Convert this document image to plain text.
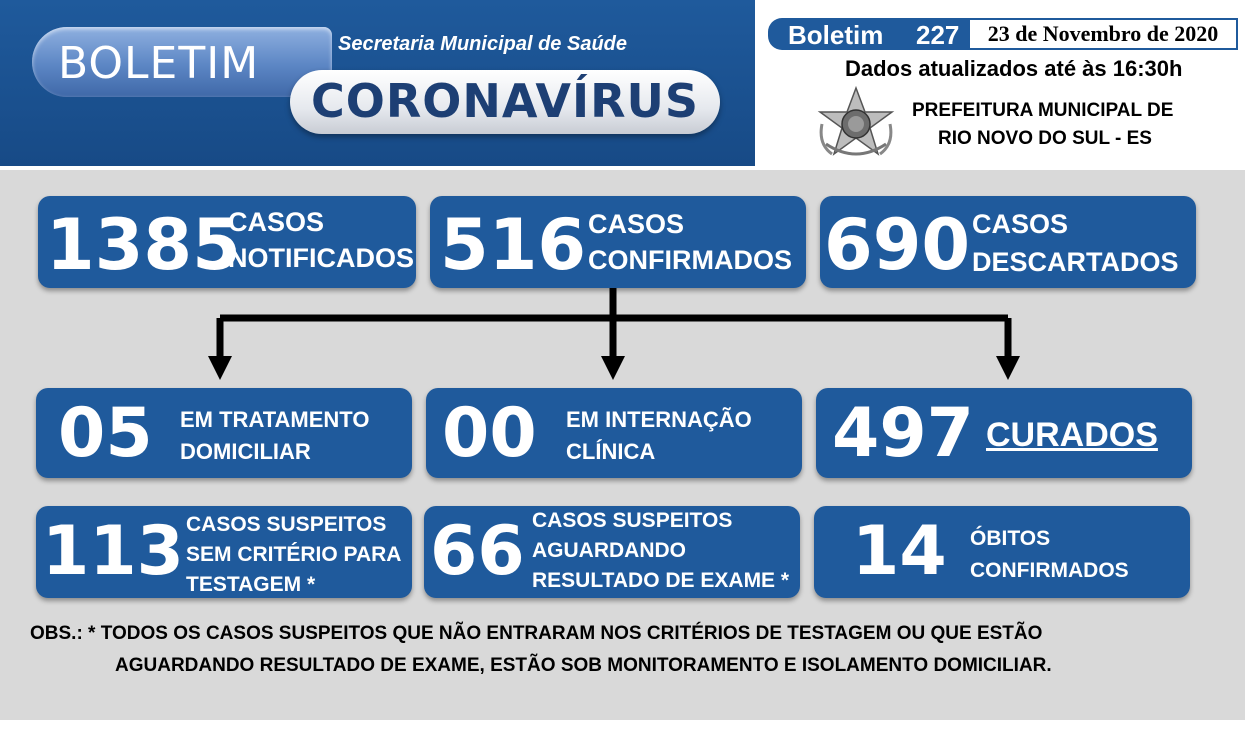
BOLETIM	Secretaria Municipal de Saúde
CORONAVÍRUS
Boletim 227	23 de Novembro de 2020
Dados atualizados até às 16:30h
PREFEITURA MUNICIPAL DE
RIO NOVO DO SUL - ES
1385
CASOS
NOTIFICADOS 516 CASOS
CONFIRMADOS 690 CASOS
DESCARTADOS
05 EM TRATAMENTO
DOMICILIAR 00 EM INTERNAÇÃO
CLÍNICA	497 CURADOS
113 CASOS SUSPEITOS
SEM CRITÉRIO PARA
TESTAGEM * 66 CASOS SUSPEITOS
AGUARDANDO
RESULTADO DE EXAME * 14 ÓBITOS
CONFIRMADOS
OBS.: * TODOS OS CASOS SUSPEITOS QUE NÃO ENTRARAM NOS CRITÉRIOS DE TESTAGEM OU QUE ESTÃO
AGUARDANDO RESULTADO DE EXAME, ESTÃO SOB MONITORAMENTO E ISOLAMENTO DOMICILIAR.
